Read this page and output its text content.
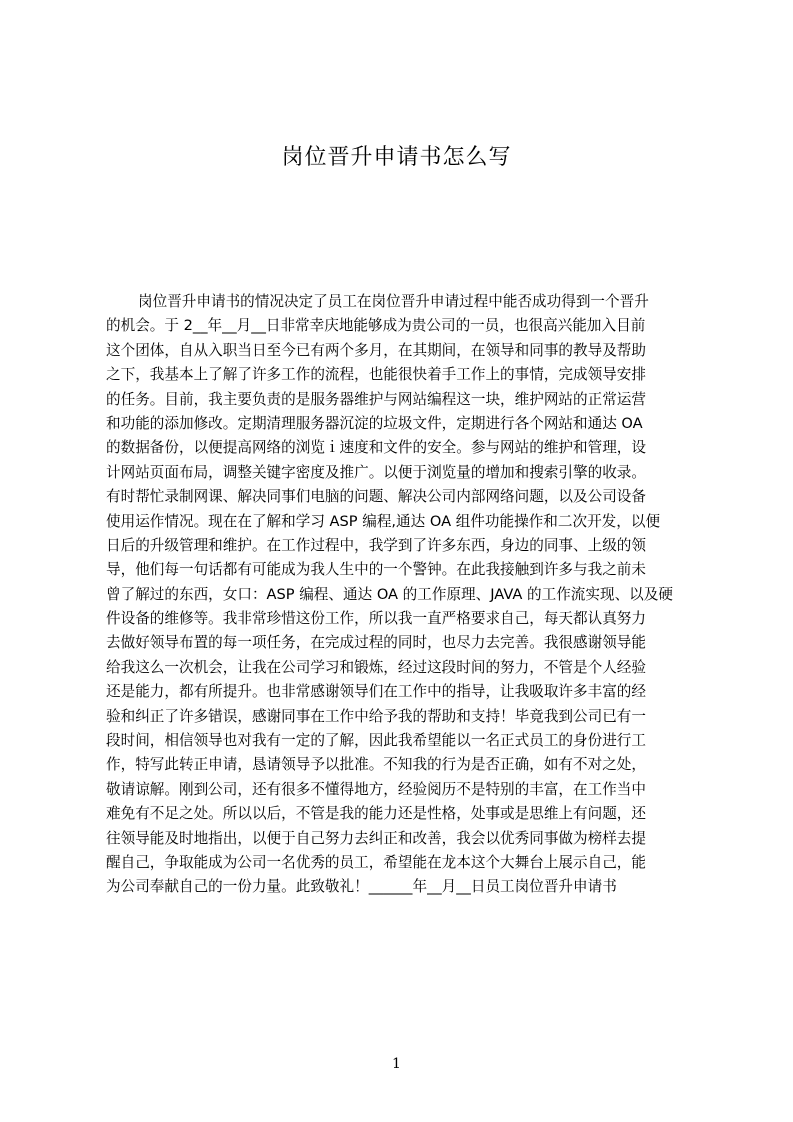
岗位晋升申请书怎么写
岗位晋升申请书的情况决定了员工在岗位晋升申请过程中能否成功得到一个晋升
的机会。于 2__年__月__日非常幸庆地能够成为贵公司的一员，也很高兴能加入目前
这个团体，自从入职当日至今已有两个多月，在其期间，在领导和同事的教导及帮助
之下，我基本上了解了许多工作的流程，也能很快着手工作上的事情，完成领导安排
的任务。目前，我主要负责的是服务器维护与网站编程这一块，维护网站的正常运营
和功能的添加修改。定期清理服务器沉淀的垃圾文件，定期进行各个网站和通达 OA
的数据备份，以便提高网络的浏览ｉ速度和文件的安全。参与网站的维护和管理，设
计网站页面布局，调整关键字密度及推广。以便于浏览量的增加和搜索引擎的收录。
有时帮忙录制网课、解决同事们电脑的问题、解决公司内部网络问题，以及公司设备
使用运作情况。现在在了解和学习 ASP 编程,通达 OA 组件功能操作和二次开发，以便
日后的升级管理和维护。在工作过程中，我学到了许多东西，身边的同事、上级的领
导，他们每一句话都有可能成为我人生中的一个警钟。在此我接触到许多与我之前未
曾了解过的东西，女口：ASP 编程、通达 OA 的工作原理、JAVA 的工作流实现、以及硬
件设备的维修等。我非常珍惜这份工作，所以我一直严格要求自己，每天都认真努力
去做好领导布置的每一项任务，在完成过程的同时，也尽力去完善。我很感谢领导能
给我这么一次机会，让我在公司学习和锻炼，经过这段时间的努力，不管是个人经验
还是能力，都有所提升。也非常感谢领导们在工作中的指导，让我吸取许多丰富的经
验和纠正了许多错误，感谢同事在工作中给予我的帮助和支持！毕竟我到公司已有一
段时间，相信领导也对我有一定的了解，因此我希望能以一名正式员工的身份进行工
作，特写此转正申请，恳请领导予以批准。不知我的行为是否正确，如有不对之处，
敬请谅解。刚到公司，还有很多不懂得地方，经验阅历不是特别的丰富，在工作当中
难免有不足之处。所以以后，不管是我的能力还是性格，处事或是思维上有问题，还
往领导能及时地指出，以便于自己努力去纠正和改善，我会以优秀同事做为榜样去提
醒自己，争取能成为公司一名优秀的员工，希望能在龙本这个大舞台上展示自己，能
为公司奉献自己的一份力量。此致敬礼！______年__月__日员工岗位晋升申请书
1
